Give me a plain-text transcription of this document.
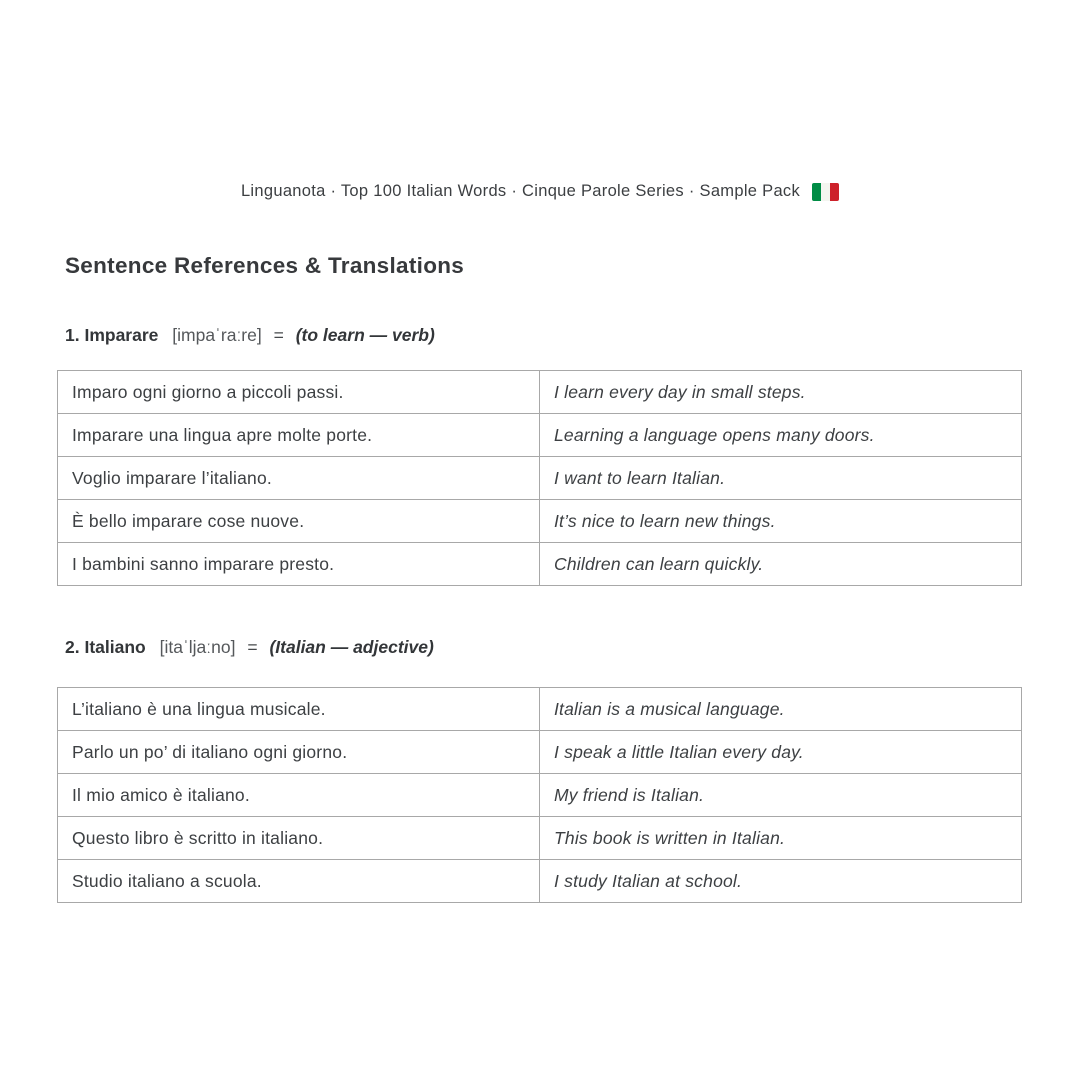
Linguanota · Top 100 Italian Words · Cinque Parole Series · Sample Pack
Sentence References & Translations
1. Imparare [impaˈraːre] = (to learn — verb)
Imparo ogni giorno a piccoli passi.	I learn every day in small steps.
Imparare una lingua apre molte porte.	Learning a language opens many doors.
Voglio imparare l’italiano.	I want to learn Italian.
È bello imparare cose nuove.	It’s nice to learn new things.
I bambini sanno imparare presto.	Children can learn quickly.
2. Italiano [itaˈljaːno] = (Italian — adjective)
L’italiano è una lingua musicale.	Italian is a musical language.
Parlo un po’ di italiano ogni giorno.	I speak a little Italian every day.
Il mio amico è italiano.	My friend is Italian.
Questo libro è scritto in italiano.	This book is written in Italian.
Studio italiano a scuola.	I study Italian at school.
